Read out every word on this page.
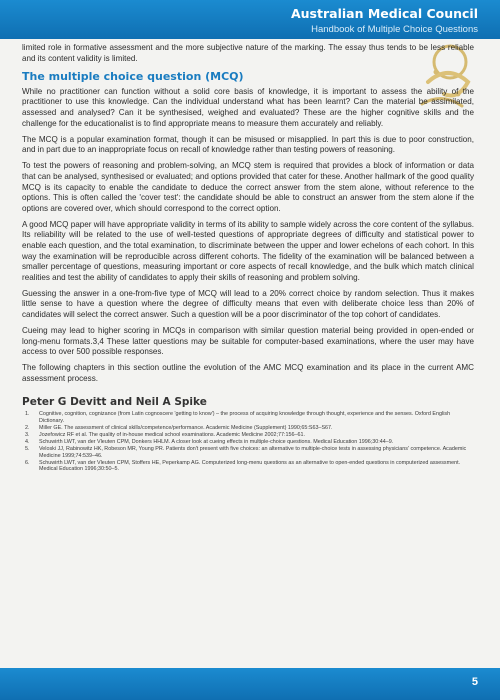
Australian Medical Council
Handbook of Multiple Choice Questions

limited role in formative assessment and the more subjective nature of the marking. The essay thus tends to be less reliable and its content validity is limited.

The multiple choice question (MCQ)

While no practitioner can function without a solid core basis of knowledge, it is important to assess the ability of the practitioner to use this knowledge. Can the individual understand what has been learnt? Can the material be assimilated, assessed and analysed? Can it be synthesised, weighed and evaluated? These are the higher cognitive skills and the challenge for the educationalist is to find appropriate means to measure them accurately and reliably.

The MCQ is a popular examination format, though it can be misused or misapplied. In part this is due to poor construction, and in part due to an inappropriate focus on recall of knowledge rather than testing powers of reasoning.

To test the powers of reasoning and problem-solving, an MCQ stem is required that provides a block of information or data that can be analysed, synthesised or evaluated; and options provided that cater for these. Another hallmark of the good quality MCQ is its capacity to enable the candidate to deduce the correct answer from the stem alone, without reference to the options. This is often called the 'cover test': the candidate should be able to construct an answer from the stem alone if the options are covered over, which should correspond to the correct option.

A good MCQ paper will have appropriate validity in terms of its ability to sample widely across the core content of the syllabus. Its reliability will be related to the use of well-tested questions of appropriate degrees of difficulty and statistical power to enable each question, and the total examination, to discriminate between the upper and lower echelons of each cohort. In this way the examination will be reproducible across different cohorts. The fidelity of the examination will be balanced between a smaller percentage of questions, measuring important or core aspects of recall knowledge, and the bulk which match clinical realities and test the ability of candidates to apply their skills of reasoning and problem solving.

Guessing the answer in a one-from-five type of MCQ will lead to a 20% correct choice by random selection. Thus it makes little sense to have a question where the degree of difficulty means that even with deliberate choice less than 20% of candidates will select the correct answer. Such a question will be a poor discriminator of the top cohort of candidates.

Cueing may lead to higher scoring in MCQs in comparison with similar question material being provided in open-ended or long-menu formats.3,4 These latter questions may be suitable for computer-based examinations, where the user may have access to over 500 possible responses.

The following chapters in this section outline the evolution of the AMC MCQ examination and its place in the current AMC assessment process.

Peter G Devitt and Neil A Spike
1. Cognitive, cognition, cognizance (from Latin cognoscere 'getting to know') – the process of acquiring knowledge through thought, experience and the senses. Oxford English Dictionary.
2. Miller GE. The assessment of clinical skills/competence/performance. Academic Medicine (Supplement) 1990;65:S63–S67.
3. Jozefowicz RF et al. The quality of in-house medical school examinations. Academic Medicine 2002;77:156–61.
4. Schuwirth LWT, van der Vleuten CPM, Donkers HHLM. A closer look at cueing effects in multiple-choice questions. Medical Education 1996;30:44–9.
5. Veloski JJ, Rabinowitz HK, Robeson MR, Young PR. Patients don't present with five choices: an alternative to multiple-choice tests in assessing physicians' competence. Academic Medicine 1999;74:539–46.
6. Schuwirth LWT, van der Vleuten CPM, Stoffers HE, Peperkamp AG. Computerized long-menu questions as an alternative to open-ended questions in computerized assessment. Medical Education 1996;30:50–5.
5
